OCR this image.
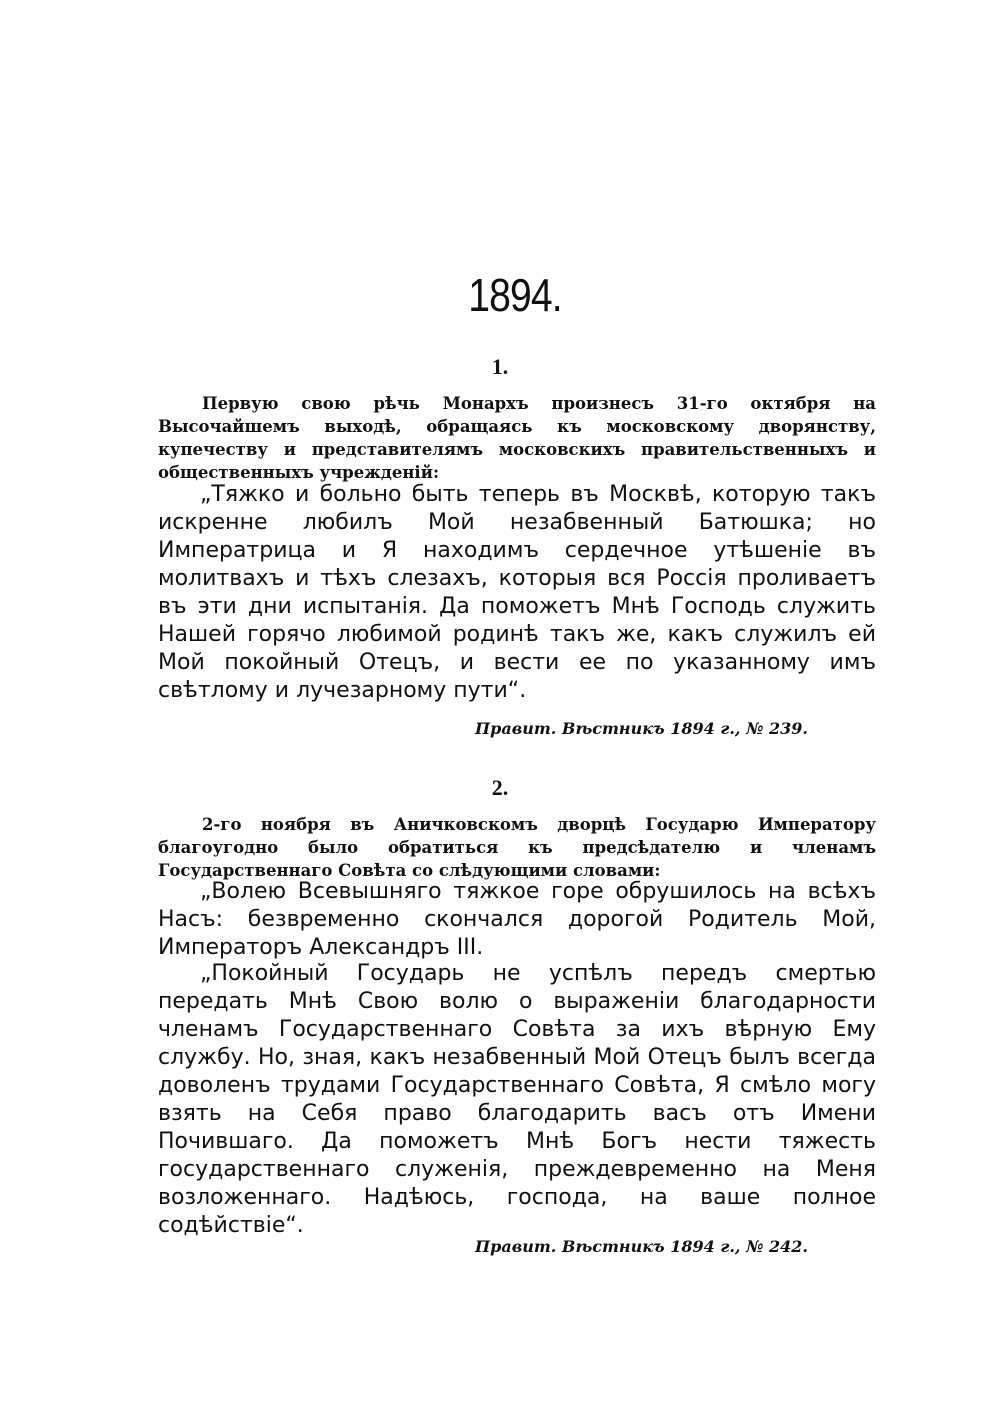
1894.
1.

Первую свою рѣчь Монархъ произнесъ 31-го октября на Высочайшемъ выходѣ, обращаясь къ московскому дворянству, купечеству и представителямъ московскихъ правительственныхъ и общественныхъ учрежденій:

„Тяжко и больно быть теперь въ Москвѣ, которую такъ искренне любилъ Мой незабвенный Батюшка; но Императрица и Я находимъ сердечное утѣшеніе въ молитвахъ и тѣхъ слезахъ, которыя вся Россія проливаетъ въ эти дни испытанія. Да поможетъ Мнѣ Господь служить Нашей горячо любимой родинѣ такъ же, какъ служилъ ей Мой покойный Отецъ, и вести ее по указанному имъ свѣтлому и лучезарному пути“.

Правит. Вѣстникъ 1894 г., № 239.
2.

2-го ноября въ Аничковскомъ дворцѣ Государю Императору благоугодно было обратиться къ предсѣдателю и членамъ Государственнаго Совѣта со слѣдующими словами:

„Волею Всевышняго тяжкое горе обрушилось на всѣхъ Насъ: безвременно скончался дорогой Родитель Мой, Императоръ Александръ III.

„Покойный Государь не успѣлъ передъ смертью передать Мнѣ Свою волю о выраженіи благодарности членамъ Государственнаго Совѣта за ихъ вѣрную Ему службу. Но, зная, какъ незабвенный Мой Отецъ былъ всегда доволенъ трудами Государственнаго Совѣта, Я смѣло могу взять на Себя право благодарить васъ отъ Имени Почившаго. Да поможетъ Мнѣ Богъ нести тяжесть государственнаго служенія, преждевременно на Меня возложеннаго. Надѣюсь, господа, на ваше полное содѣйствіе“.

Правит. Вѣстникъ 1894 г., № 242.
